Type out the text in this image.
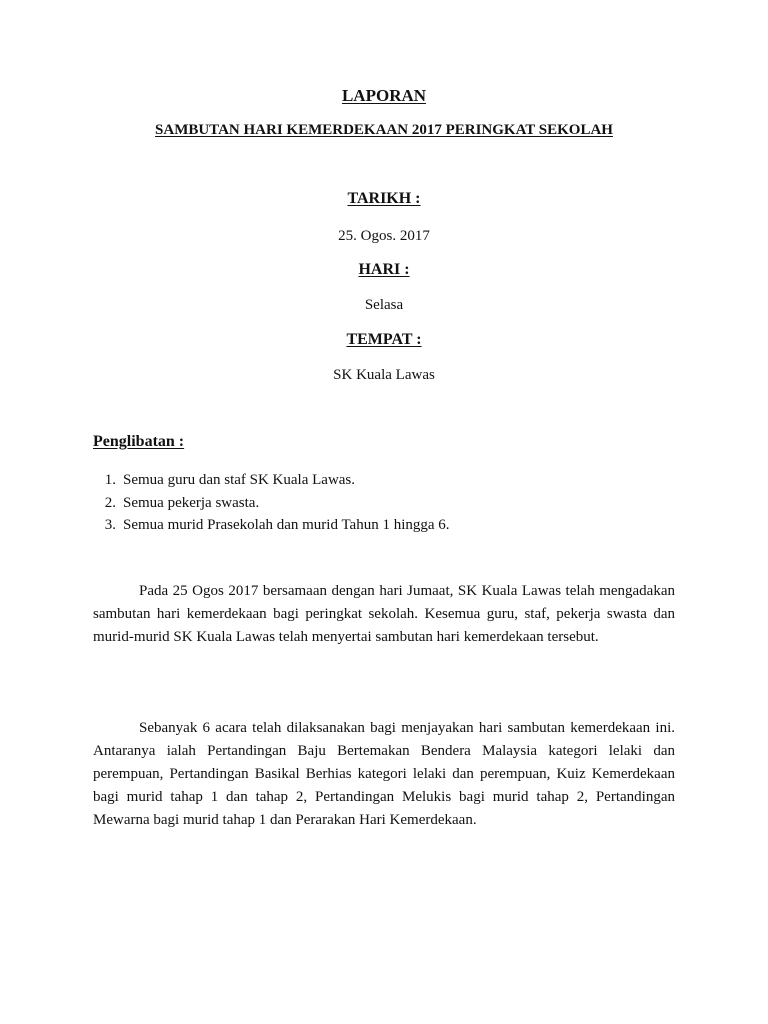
LAPORAN
SAMBUTAN HARI KEMERDEKAAN 2017 PERINGKAT SEKOLAH
TARIKH :
25. Ogos. 2017
HARI :
Selasa
TEMPAT :
SK Kuala Lawas
Penglibatan :
1. Semua guru dan staf SK Kuala Lawas.
2. Semua pekerja swasta.
3. Semua murid Prasekolah dan murid Tahun 1 hingga 6.

Pada 25 Ogos 2017 bersamaan dengan hari Jumaat, SK Kuala Lawas telah mengadakan sambutan hari kemerdekaan bagi peringkat sekolah. Kesemua guru, staf, pekerja swasta dan murid-murid SK Kuala Lawas telah menyertai sambutan hari kemerdekaan tersebut.

Sebanyak 6 acara telah dilaksanakan bagi menjayakan hari sambutan kemerdekaan ini. Antaranya ialah Pertandingan Baju Bertemakan Bendera Malaysia kategori lelaki dan perempuan, Pertandingan Basikal Berhias kategori lelaki dan perempuan, Kuiz Kemerdekaan bagi murid tahap 1 dan tahap 2, Pertandingan Melukis bagi murid tahap 2, Pertandingan Mewarna bagi murid tahap 1 dan Perarakan Hari Kemerdekaan.
